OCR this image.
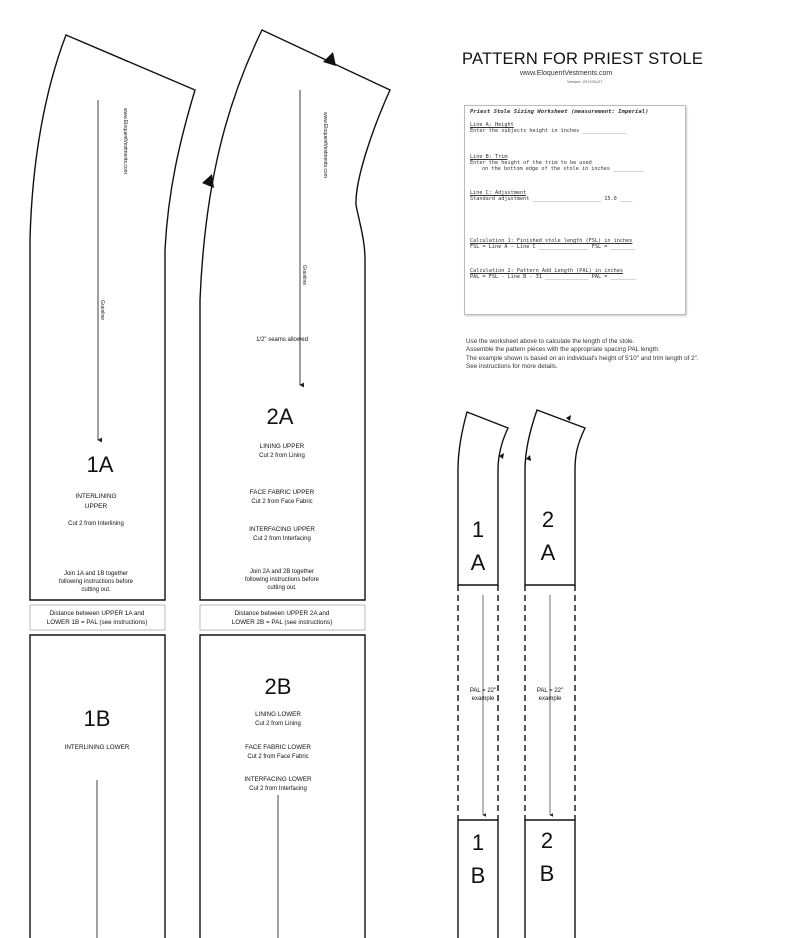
www.EloquentVestments.com
Grainline
1A
INTERLINING
UPPER
Cut 2 from Interlining
Join 1A and 1B together
following instructions before
cutting out.
Distance between UPPER 1A and
LOWER 1B = PAL (see instructions)
1B
INTERLINING LOWER
1/2" seams allowed
2A
LINING UPPER
Cut 2 from Lining
FACE FABRIC UPPER
Cut 2 from Face Fabric
INTERFACING UPPER
Cut 2 from Interfacing
Join 2A and 2B together
following instructions before
cutting out.
Distance between UPPER 2A and
LOWER 2B = PAL (see instructions)
2B
LINING LOWER
Cut 2 from Lining
FACE FABRIC LOWER
Cut 2 from Face Fabric
INTERFACING LOWER
Cut 2 from Interfacing
1
A
2
A
PAL = 22"
example
PAL = 22"
example
1
B
2
B
www.EloquentVestments.com
Grainline
PATTERN FOR PRIEST STOLE
www.EloquentVestments.com
Version: 2017/01/27
Priest Stole Sizing Worksheet (measurement: Imperial)
Line A: Height
Enter the subjects height in inches ______________
Line B: Trim
Enter the height of the trim to be used
on the bottom edge of the stole in inches __________
Line C: Adjustment
Standard adjustment ______________________ 15.0 ____
Calculation 1: Finished stole length (FSL) in inches
FSL = Line A - Line C ________________ FSL = ________
Calculation 2: Pattern Add Length (PAL) in inches
PAL = FSL - Line B - 31 ______________ PAL = ________
Use the worksheet above to calculate the length of the stole.
Assemble the pattern pieces with the appropriate spacing PAL length.
The example shown is based on an individual's height of 5'10" and trim length of 2".
See instructions for more details.
